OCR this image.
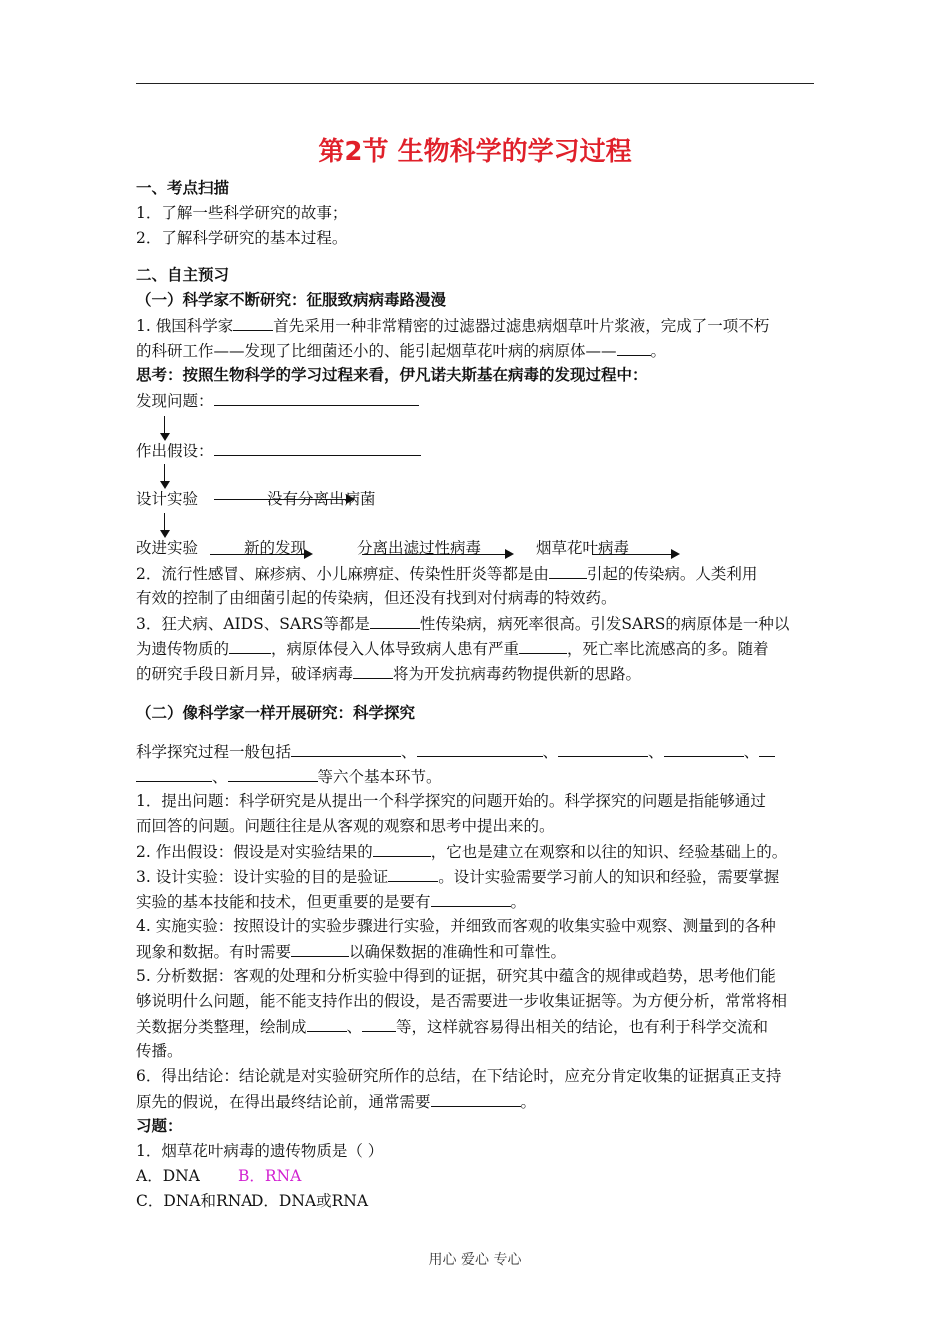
第2节 生物科学的学习过程
一、考点扫描
1．了解一些科学研究的故事；
2．了解科学研究的基本过程。
二、自主预习
（一）科学家不断研究：征服致病病毒路漫漫
1. 俄国科学家	首先采用一种非常精密的过滤器过滤患病烟草叶片浆液，完成了一项不朽
的科研工作——发现了比细菌还小的、能引起烟草花叶病的病原体—— 。
思考：按照生物科学的学习过程来看，伊凡诺夫斯基在病毒的发现过程中：
发现问题：
作出假设：
设计实验	没有分离出病菌
改进实验	新的发现	分离出滤过性病毒	烟草花叶病毒
2．流行性感冒、麻疹病、小儿麻痹症、传染性肝炎等都是由 引起的传染病。人类利用
有效的控制了由细菌引起的传染病，但还没有找到对付病毒的特效药。
3．狂犬病、AIDS、SARS等都是	性传染病，病死率很高。引发SARS的病原体是一种以
为遗传物质的	，病原体侵入人体导致病人患有严重	，死亡率比流感高的多。随着
的研究手段日新月异，破译病毒	将为开发抗病毒药物提供新的思路。
（二）像科学家一样开展研究：科学探究
科学探究过程一般包括	、	、	、	、
、	等六个基本环节。
1．提出问题：科学研究是从提出一个科学探究的问题开始的。科学探究的问题是指能够通过
而回答的问题。问题往往是从客观的观察和思考中提出来的。
2. 作出假设：假设是对实验结果的	，它也是建立在观察和以往的知识、经验基础上的。
3. 设计实验：设计实验的目的是验证	。设计实验需要学习前人的知识和经验，需要掌握
实验的基本技能和技术，但更重要的是要有	。
4. 实施实验：按照设计的实验步骤进行实验，并细致而客观的收集实验中观察、测量到的各种
现象和数据。有时需要	以确保数据的准确性和可靠性。
5. 分析数据：客观的处理和分析实验中得到的证据，研究其中蕴含的规律或趋势，思考他们能
够说明什么问题，能不能支持作出的假设，是否需要进一步收集证据等。为方便分析，常常将相
关数据分类整理，绘制成	、 等，这样就容易得出相关的结论，也有利于科学交流和
传播。
6．得出结论：结论就是对实验研究所作的总结，在下结论时，应充分肯定收集的证据真正支持
原先的假说，在得出最终结论前，通常需要	。
习题：
1．烟草花叶病毒的遗传物质是（ ）
A．DNA B．RNA
C．DNA和RNA
D．DNA或RNA
用心 爱心 专心
